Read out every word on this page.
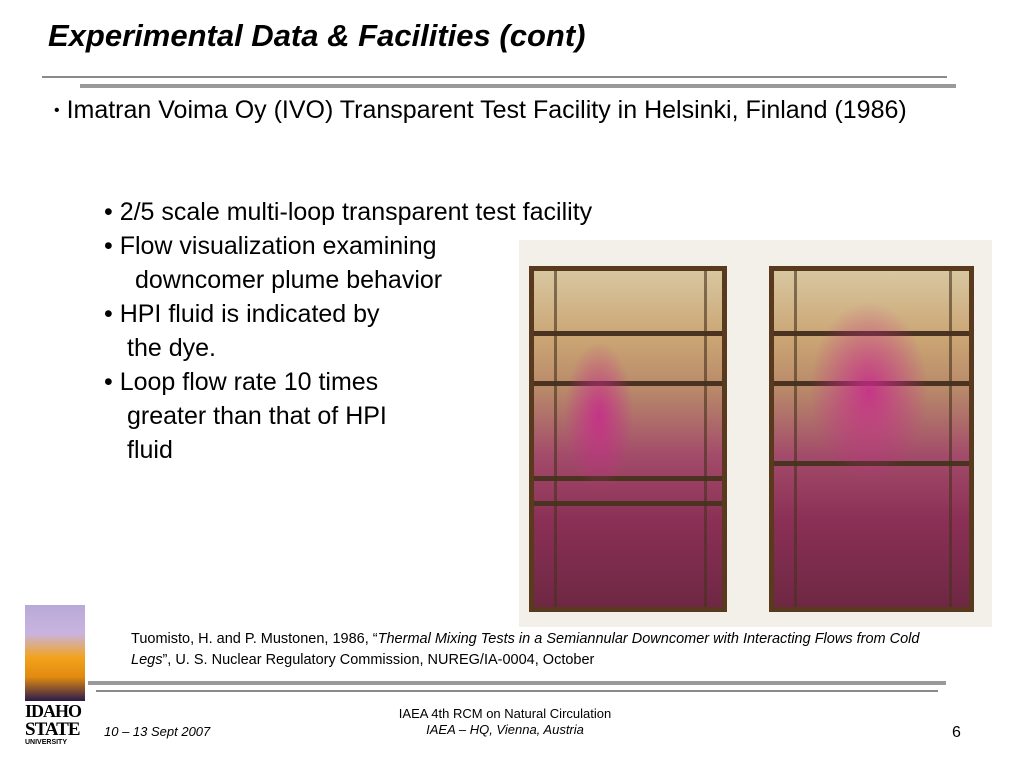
Experimental Data & Facilities (cont)
• Imatran Voima Oy (IVO) Transparent Test Facility in Helsinki, Finland (1986)
• 2/5 scale multi-loop transparent test facility
• Flow visualization examining
downcomer plume behavior
• HPI fluid is indicated by
the dye.
• Loop flow rate 10 times
greater than that of HPI
fluid
IDAHO
STATE
UNIVERSITY
Tuomisto, H. and P. Mustonen, 1986, “Thermal Mixing Tests in a Semiannular Downcomer with Interacting Flows from Cold Legs”, U. S. Nuclear Regulatory Commission, NUREG/IA-0004, October
10 – 13 Sept 2007
IAEA 4th RCM on Natural Circulation
IAEA – HQ, Vienna, Austria	6
